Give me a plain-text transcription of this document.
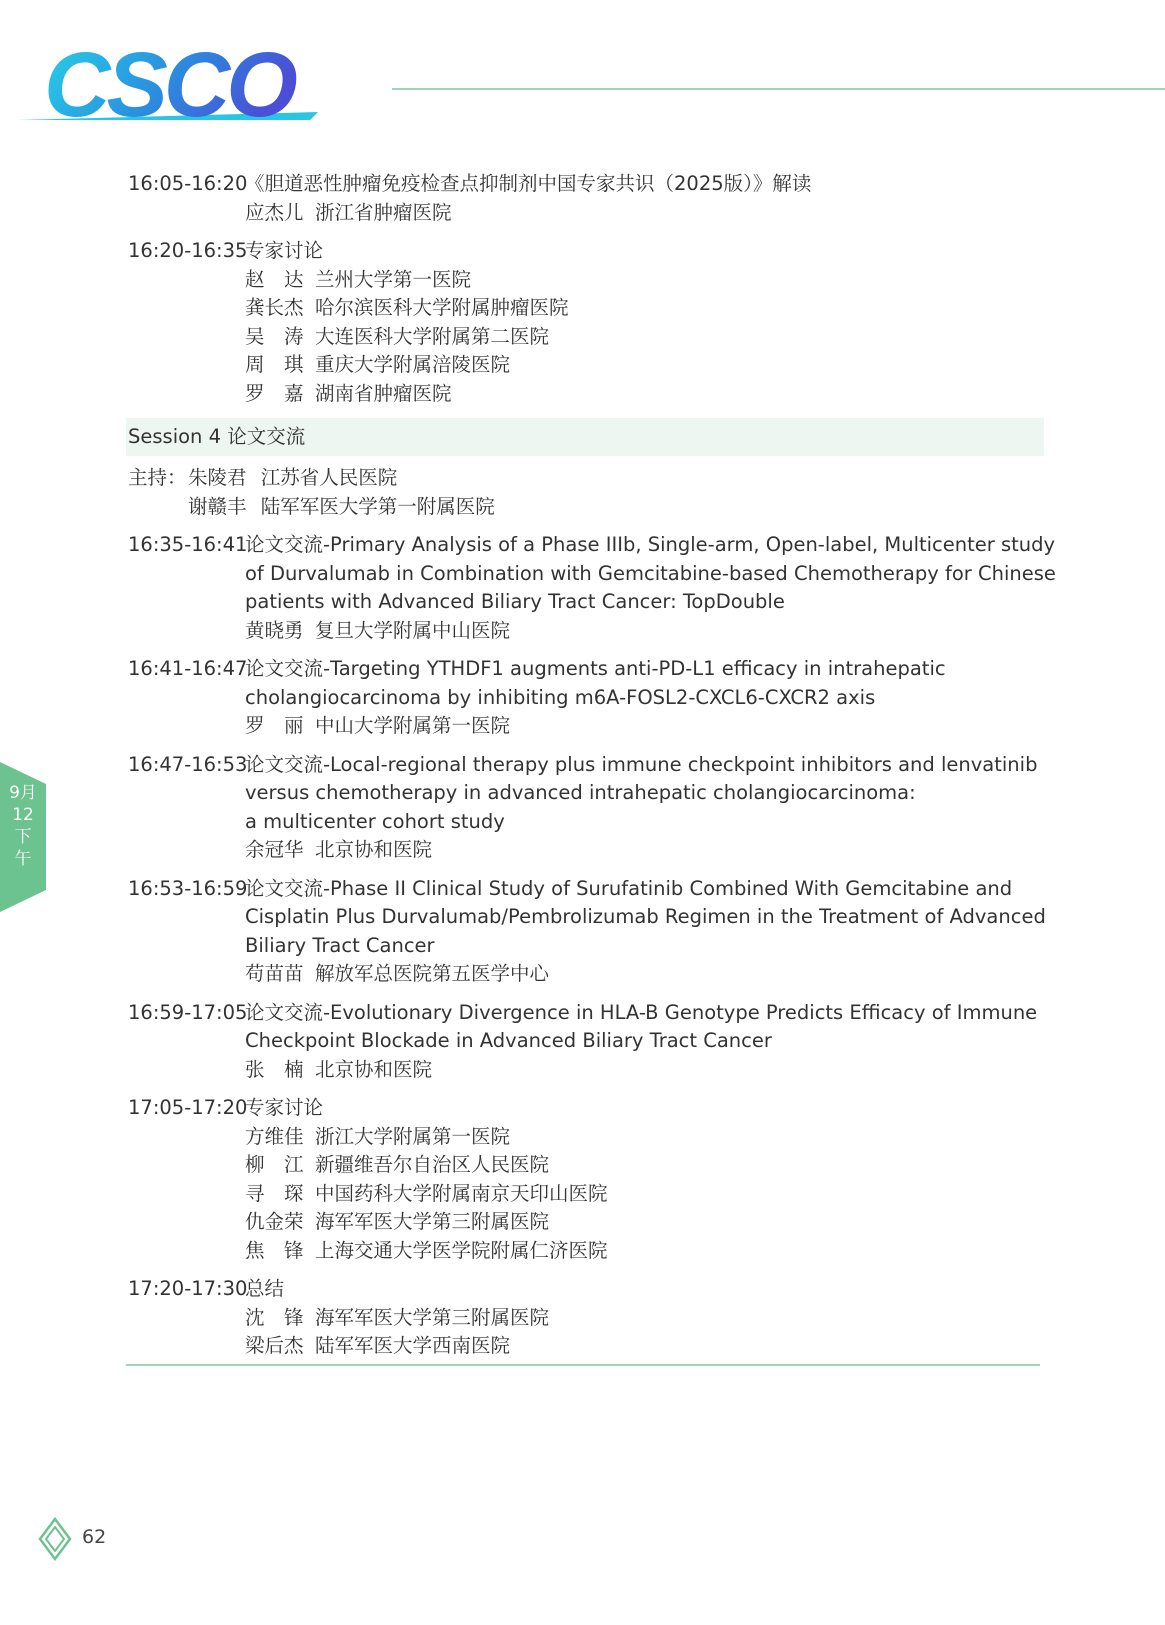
CSCO
9月12下午
16:05-16:20
《胆道恶性肿瘤免疫检查点抑制剂中国专家共识（2025版）》解读
应杰儿 浙江省肿瘤医院
16:20-16:35
专家讨论
赵　达 兰州大学第一医院
龚长杰 哈尔滨医科大学附属肿瘤医院
吴　涛 大连医科大学附属第二医院
周　琪 重庆大学附属涪陵医院
罗　嘉 湖南省肿瘤医院
Session 4 论文交流
主持： 朱陵君 江苏省人民医院
谢赣丰 陆军军医大学第一附属医院
16:35-16:41
论文交流-Primary Analysis of a Phase IIIb, Single-arm, Open-label, Multicenter study
of Durvalumab in Combination with Gemcitabine-based Chemotherapy for Chinese
patients with Advanced Biliary Tract Cancer: TopDouble
黄晓勇 复旦大学附属中山医院
16:41-16:47
论文交流-Targeting YTHDF1 augments anti-PD-L1 efficacy in intrahepatic
cholangiocarcinoma by inhibiting m6A-FOSL2-CXCL6-CXCR2 axis
罗　丽 中山大学附属第一医院
16:47-16:53
论文交流-Local-regional therapy plus immune checkpoint inhibitors and lenvatinib
versus chemotherapy in advanced intrahepatic cholangiocarcinoma:
a multicenter cohort study
余冠华 北京协和医院
16:53-16:59
论文交流-Phase II Clinical Study of Surufatinib Combined With Gemcitabine and
Cisplatin Plus Durvalumab/Pembrolizumab Regimen in the Treatment of Advanced
Biliary Tract Cancer
苟苗苗 解放军总医院第五医学中心
16:59-17:05
论文交流-Evolutionary Divergence in HLA-B Genotype Predicts Efficacy of Immune
Checkpoint Blockade in Advanced Biliary Tract Cancer
张　楠 北京协和医院
17:05-17:20
专家讨论
方维佳 浙江大学附属第一医院
柳　江 新疆维吾尔自治区人民医院
寻　琛 中国药科大学附属南京天印山医院
仇金荣 海军军医大学第三附属医院
焦　锋 上海交通大学医学院附属仁济医院
17:20-17:30
总结
沈　锋 海军军医大学第三附属医院
梁后杰 陆军军医大学西南医院
62
